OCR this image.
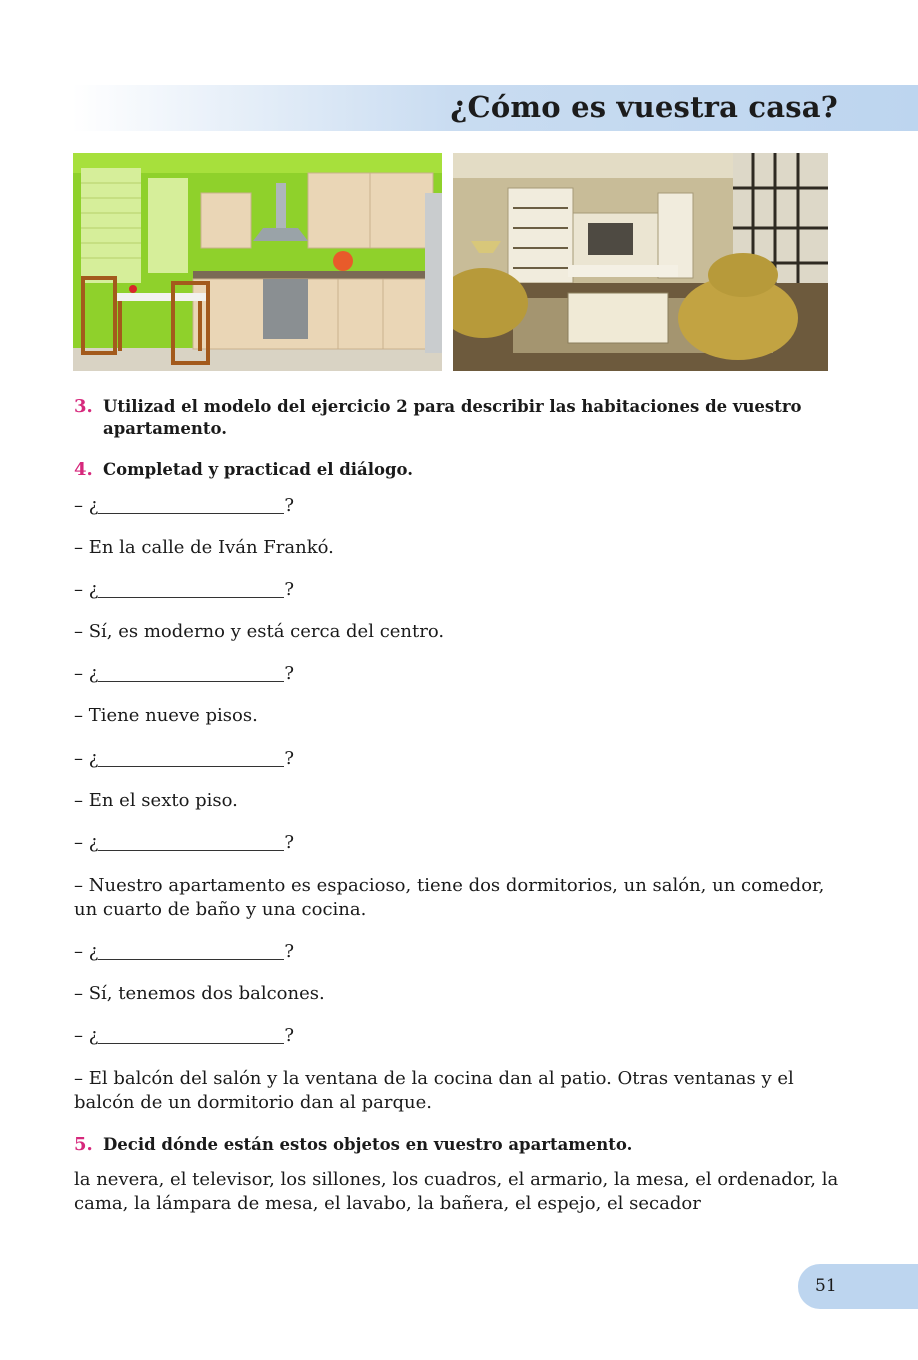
¿Cómo es vuestra casa?
3. Utilizad el modelo del ejercicio 2 para describir las habitaciones de vuestro apartamento.
4. Completad y practicad el diálogo.
– ¿	?
– En la calle de Iván Frankó.
– ¿	?
– Sí, es moderno y está cerca del centro.
– ¿	?
– Tiene nueve pisos.
– ¿	?
– En el sexto piso.
– ¿	?
– Nuestro apartamento es espacioso, tiene dos dormitorios, un salón, un comedor, un cuarto de baño y una cocina.
– ¿	?
– Sí, tenemos dos balcones.
– ¿	?
– El balcón del salón y la ventana de la cocina dan al patio. Otras ventanas y el balcón de un dormitorio dan al parque.
5. Decid dónde están estos objetos en vuestro apartamento.
la nevera, el televisor, los sillones, los cuadros, el armario, la mesa, el ordenador, la cama, la lámpara de mesa, el lavabo, la bañera, el espejo, el secador
51
